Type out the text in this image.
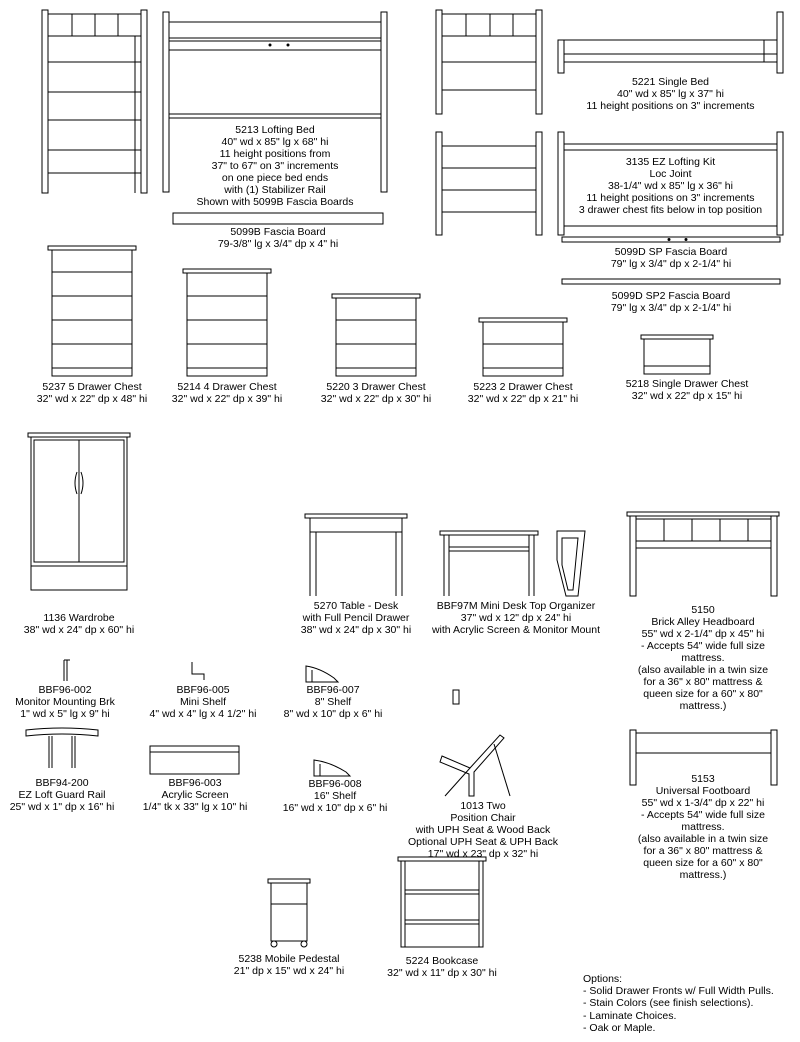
5213 Lofting Bed
40" wd x 85" lg x 68" hi
11 height positions from
37" to 67" on 3" increments
on one piece bed ends
with (1) Stabilizer Rail
Shown with 5099B Fascia Boards
5099B Fascia Board
79-3/8" lg x 3/4" dp x 4" hi
5221 Single Bed
40" wd x 85" lg x 37" hi
11 height positions on 3" increments
3135 EZ Lofting Kit
Loc Joint
38-1/4" wd x 85" lg x 36" hi
11 height positions on 3" increments
3 drawer chest fits below in top position
5099D SP Fascia Board
79" lg x 3/4" dp x 2-1/4" hi
5099D SP2 Fascia Board
79" lg x 3/4" dp x 2-1/4" hi
5237 5 Drawer Chest
32" wd x 22" dp x 48" hi
5214 4 Drawer Chest
32" wd x 22" dp x 39" hi
5220 3 Drawer Chest
32" wd x 22" dp x 30" hi
5223 2 Drawer Chest
32" wd x 22" dp x 21" hi
5218 Single Drawer Chest
32" wd x 22" dp x 15" hi
1136 Wardrobe
38" wd x 24" dp x 60" hi
5270 Table - Desk
with Full Pencil Drawer
38" wd x 24" dp x 30" hi
BBF97M Mini Desk Top Organizer
37" wd x 12" dp x 24" hi
with Acrylic Screen & Monitor Mount
5150
Brick Alley Headboard
55" wd x 2-1/4" dp x 45" hi
- Accepts 54" wide full size
mattress.
(also available in a twin size
for a 36" x 80" mattress &
queen size for a 60" x 80"
mattress.)
BBF96-002
Monitor Mounting Brk
1" wd x 5" lg x 9" hi
BBF96-005
Mini Shelf
4" wd x 4" lg x 4 1/2" hi
BBF96-007
8" Shelf
8" wd x 10" dp x 6" hi
BBF94-200
EZ Loft Guard Rail
25" wd x 1" dp x 16" hi
BBF96-003
Acrylic Screen
1/4" tk x 33" lg x 10" hi
BBF96-008
16" Shelf
16" wd x 10" dp x 6" hi	1013 Two
Position Chair
with UPH Seat & Wood Back
Optional UPH Seat & UPH Back
17" wd x 23" dp x 32" hi
5153
Universal Footboard
55" wd x 1-3/4" dp x 22" hi
- Accepts 54" wide full size
mattress.
(also available in a twin size
for a 36" x 80" mattress &
queen size for a 60" x 80"
mattress.)
5238 Mobile Pedestal
21" dp x 15" wd x 24" hi
5224 Bookcase
32" wd x 11" dp x 30" hi	Options:
- Solid Drawer Fronts w/ Full Width Pulls.
- Stain Colors (see finish selections).
- Laminate Choices.
- Oak or Maple.
